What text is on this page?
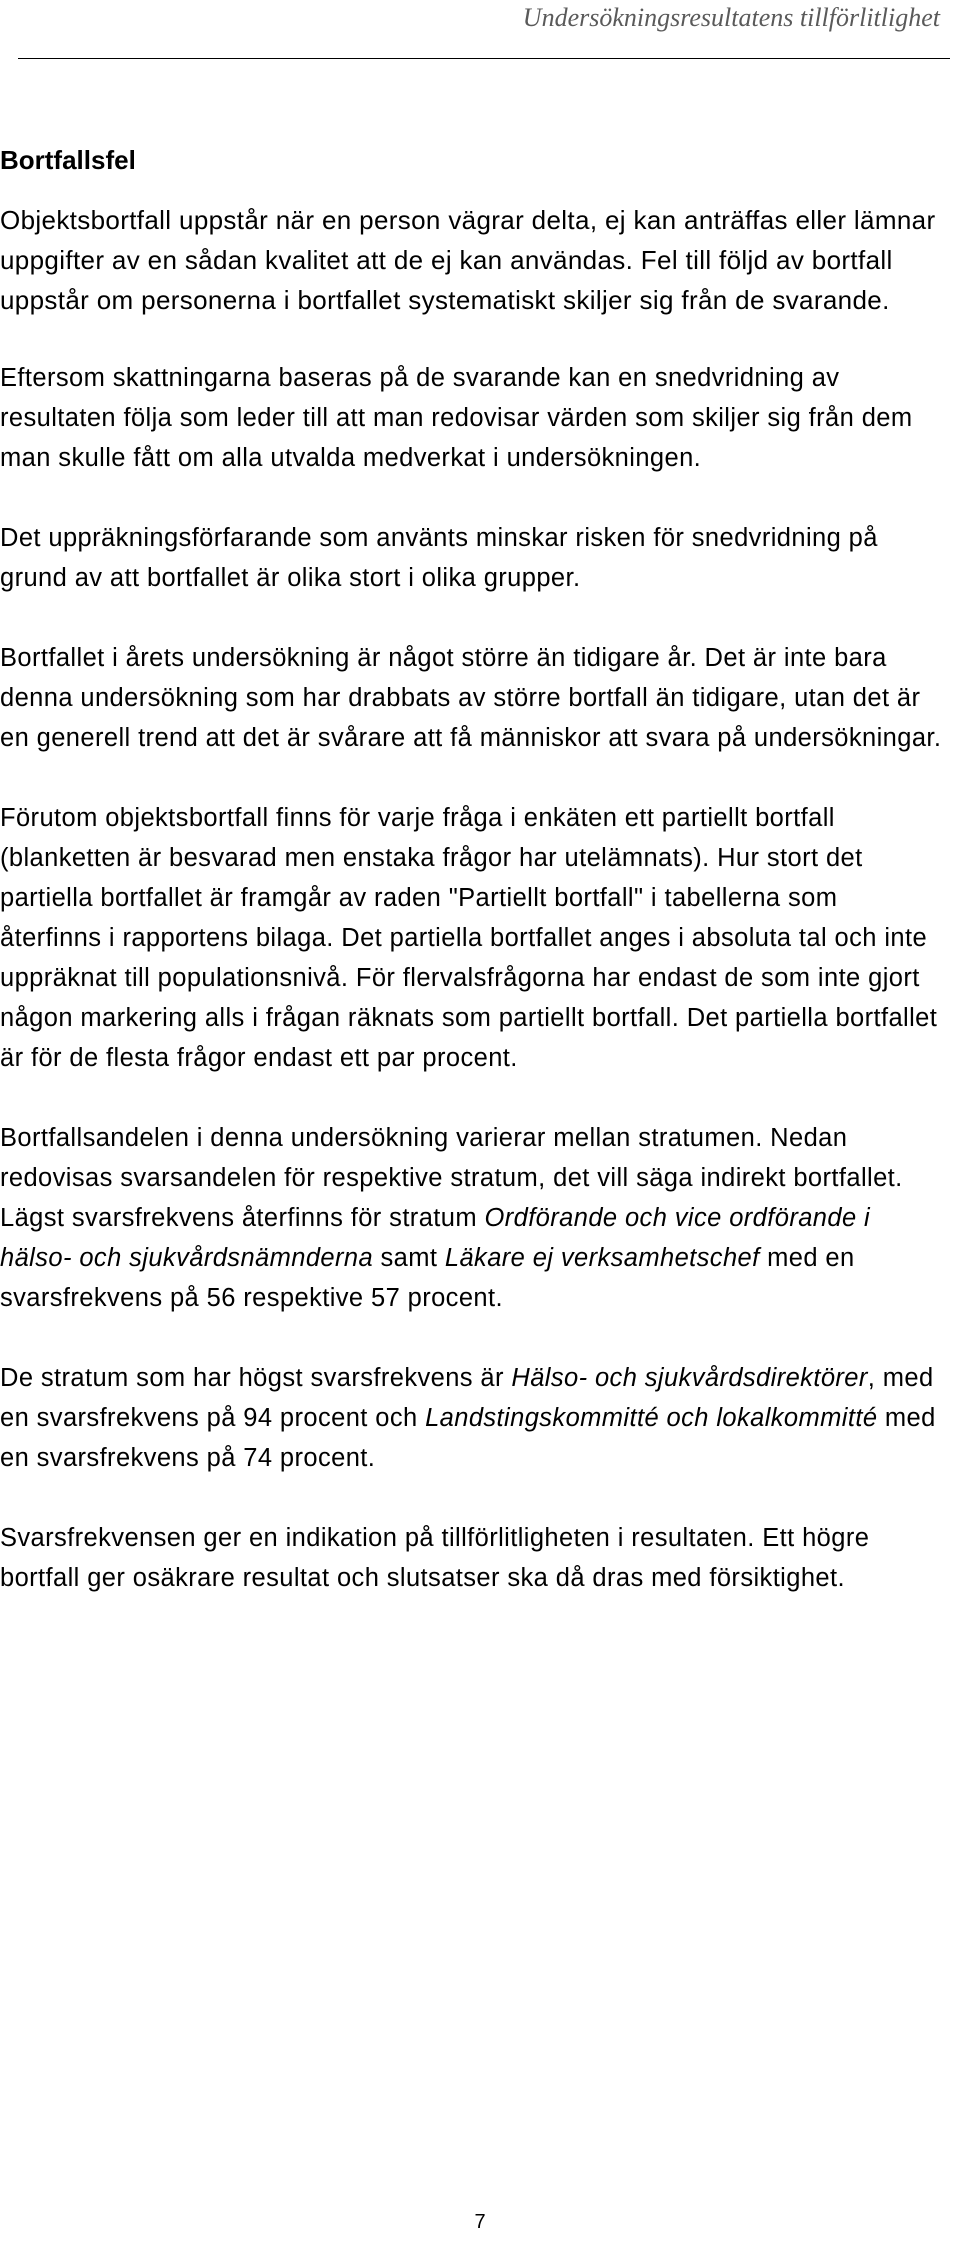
Undersökningsresultatens tillförlitlighet
Bortfallsfel

Objektsbortfall uppstår när en person vägrar delta, ej kan anträffas eller lämnar uppgifter av en sådan kvalitet att de ej kan användas. Fel till följd av bortfall uppstår om personerna i bortfallet systematiskt skiljer sig från de svarande.

Eftersom skattningarna baseras på de svarande kan en snedvridning av resultaten följa som leder till att man redovisar värden som skiljer sig från dem man skulle fått om alla utvalda medverkat i undersökningen.

Det uppräkningsförfarande som använts minskar risken för snedvridning på grund av att bortfallet är olika stort i olika grupper.

Bortfallet i årets undersökning är något större än tidigare år. Det är inte bara denna undersökning som har drabbats av större bortfall än tidigare, utan det är en generell trend att det är svårare att få människor att svara på undersökningar.

Förutom objektsbortfall finns för varje fråga i enkäten ett partiellt bortfall (blanketten är besvarad men enstaka frågor har utelämnats). Hur stort det partiella bortfallet är framgår av raden "Partiellt bortfall" i tabellerna som återfinns i rapportens bilaga. Det partiella bortfallet anges i absoluta tal och inte uppräknat till populationsnivå. För flervalsfrågorna har endast de som inte gjort någon markering alls i frågan räknats som partiellt bortfall. Det partiella bortfallet är för de flesta frågor endast ett par procent.

Bortfallsandelen i denna undersökning varierar mellan stratumen. Nedan redovisas svarsandelen för respektive stratum, det vill säga indirekt bortfallet. Lägst svarsfrekvens återfinns för stratum Ordförande och vice ordförande i hälso- och sjukvårdsnämnderna samt Läkare ej verksamhetschef med en svarsfrekvens på 56 respektive 57 procent.

De stratum som har högst svarsfrekvens är Hälso- och sjukvårdsdirektörer, med en svarsfrekvens på 94 procent och Landstingskommitté och lokalkommitté med en svarsfrekvens på 74 procent.

Svarsfrekvensen ger en indikation på tillförlitligheten i resultaten. Ett högre bortfall ger osäkrare resultat och slutsatser ska då dras med försiktighet.

7
